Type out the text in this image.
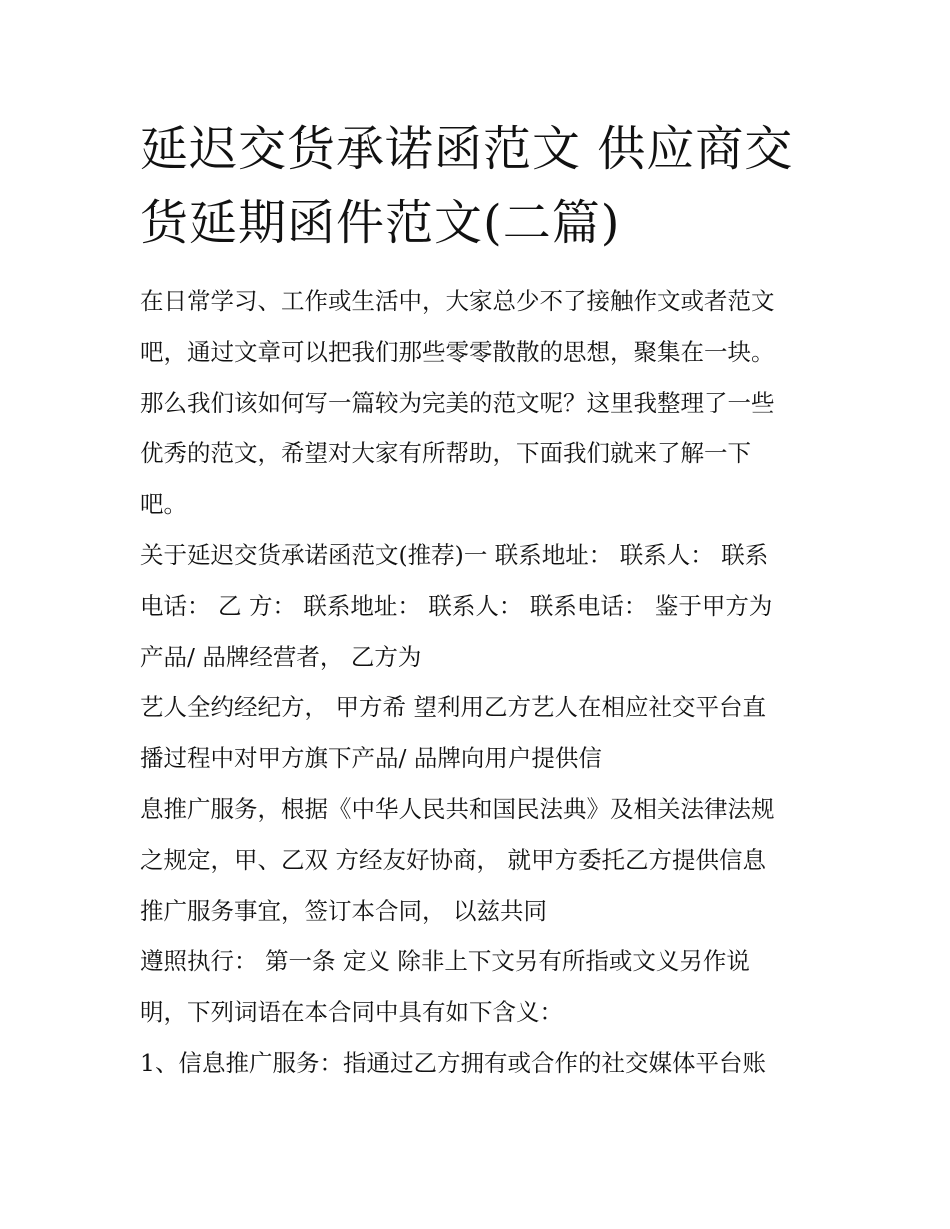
延迟交货承诺函范文 供应商交
货延期函件范文(二篇)
在日常学习、工作或生活中，大家总少不了接触作文或者范文
吧，通过文章可以把我们那些零零散散的思想，聚集在一块。
那么我们该如何写一篇较为完美的范文呢？这里我整理了一些
优秀的范文，希望对大家有所帮助，下面我们就来了解一下
吧。
关于延迟交货承诺函范文(推荐)一 联系地址： 联系人： 联系
电话： 乙 方： 联系地址： 联系人： 联系电话： 鉴于甲方为
产品/ 品牌经营者， 乙方为
艺人全约经纪方， 甲方希 望利用乙方艺人在相应社交平台直
播过程中对甲方旗下产品/ 品牌向用户提供信
息推广服务，根据《中华人民共和国民法典》及相关法律法规
之规定，甲、乙双 方经友好协商， 就甲方委托乙方提供信息
推广服务事宜，签订本合同， 以兹共同
遵照执行： 第一条 定义 除非上下文另有所指或文义另作说
明，下列词语在本合同中具有如下含义：
1、信息推广服务：指通过乙方拥有或合作的社交媒体平台账
